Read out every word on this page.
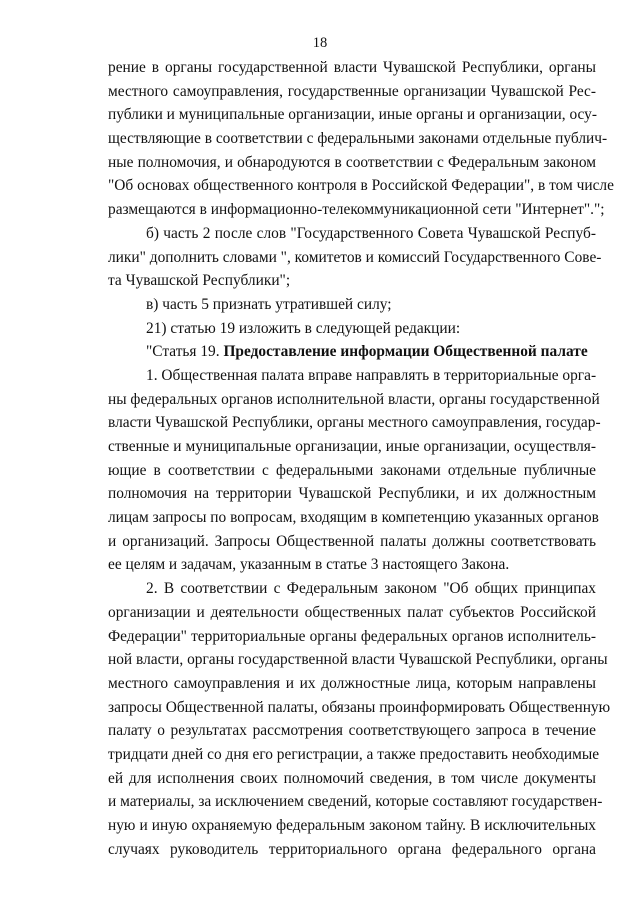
18
рение в органы государственной власти Чувашской Республики, органы
местного самоуправления, государственные организации Чувашской Рес-
публики и муниципальные организации, иные органы и организации, осу-
ществляющие в соответствии с федеральными законами отдельные публич-
ные полномочия, и обнародуются в соответствии с Федеральным законом
"Об основах общественного контроля в Российской Федерации", в том числе
размещаются в информационно-телекоммуникационной сети "Интернет".";
б) часть 2 после слов "Государственного Совета Чувашской Респуб-
лики" дополнить словами ", комитетов и комиссий Государственного Сове-
та Чувашской Республики";
в) часть 5 признать утратившей силу;
21) статью 19 изложить в следующей редакции:
"Статья 19. Предоставление информации Общественной палате
1. Общественная палата вправе направлять в территориальные орга-
ны федеральных органов исполнительной власти, органы государственной
власти Чувашской Республики, органы местного самоуправления, государ-
ственные и муниципальные организации, иные организации, осуществля-
ющие в соответствии с федеральными законами отдельные публичные
полномочия на территории Чувашской Республики, и их должностным
лицам запросы по вопросам, входящим в компетенцию указанных органов
и организаций. Запросы Общественной палаты должны соответствовать
ее целям и задачам, указанным в статье 3 настоящего Закона.
2. В соответствии с Федеральным законом "Об общих принципах
организации и деятельности общественных палат субъектов Российской
Федерации" территориальные органы федеральных органов исполнитель-
ной власти, органы государственной власти Чувашской Республики, органы
местного самоуправления и их должностные лица, которым направлены
запросы Общественной палаты, обязаны проинформировать Общественную
палату о результатах рассмотрения соответствующего запроса в течение
тридцати дней со дня его регистрации, а также предоставить необходимые
ей для исполнения своих полномочий сведения, в том числе документы
и материалы, за исключением сведений, которые составляют государствен-
ную и иную охраняемую федеральным законом тайну. В исключительных
случаях руководитель территориального органа федерального органа
